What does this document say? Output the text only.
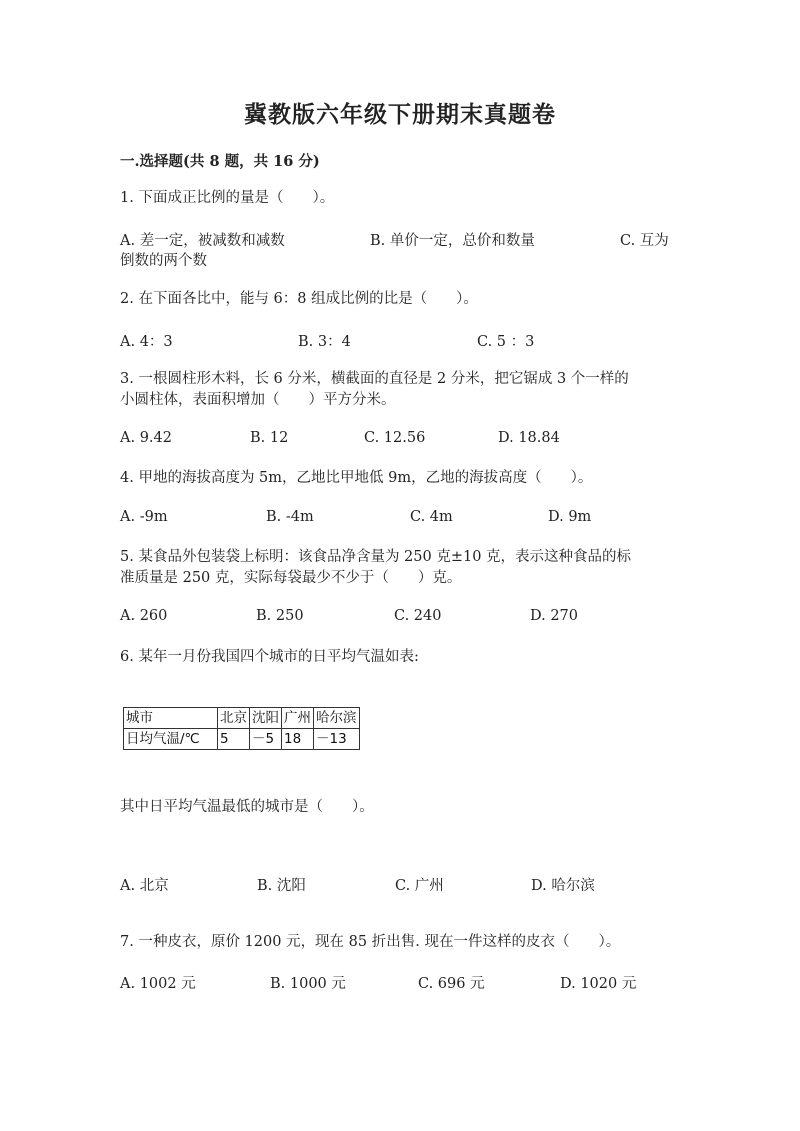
冀教版六年级下册期末真题卷
一.选择题(共 8 题，共 16 分)
1. 下面成正比例的量是（　　）。
A. 差一定，被减数和减数	B. 单价一定，总价和数量	C. 互为
倒数的两个数
2. 在下面各比中，能与 6：8 组成比例的比是（　　）。
A. 4：3	B. 3：4	C. 5 ：3
3. 一根圆柱形木料，长 6 分米，横截面的直径是 2 分米，把它锯成 3 个一样的
小圆柱体，表面积增加（　　）平方分米。
A. 9.42	B. 12	C. 12.56	D. 18.84
4. 甲地的海拔高度为 5m，乙地比甲地低 9m，乙地的海拔高度（　　）。
A. -9m	B. -4m	C. 4m	D. 9m
5. 某食品外包装袋上标明：该食品净含量为 250 克±10 克，表示这种食品的标
准质量是 250 克，实际每袋最少不少于（　　）克。
A. 260	B. 250	C. 240	D. 270
6. 某年一月份我国四个城市的日平均气温如表:
城市	北京	沈阳	广州	哈尔滨
日均气温/℃	5	－5	18	－13
其中日平均气温最低的城市是（　　）。
A. 北京	B. 沈阳	C. 广州	D. 哈尔滨
7. 一种皮衣，原价 1200 元，现在 85 折出售. 现在一件这样的皮衣（　　）。
A. 1002 元	B. 1000 元	C. 696 元	D. 1020 元
